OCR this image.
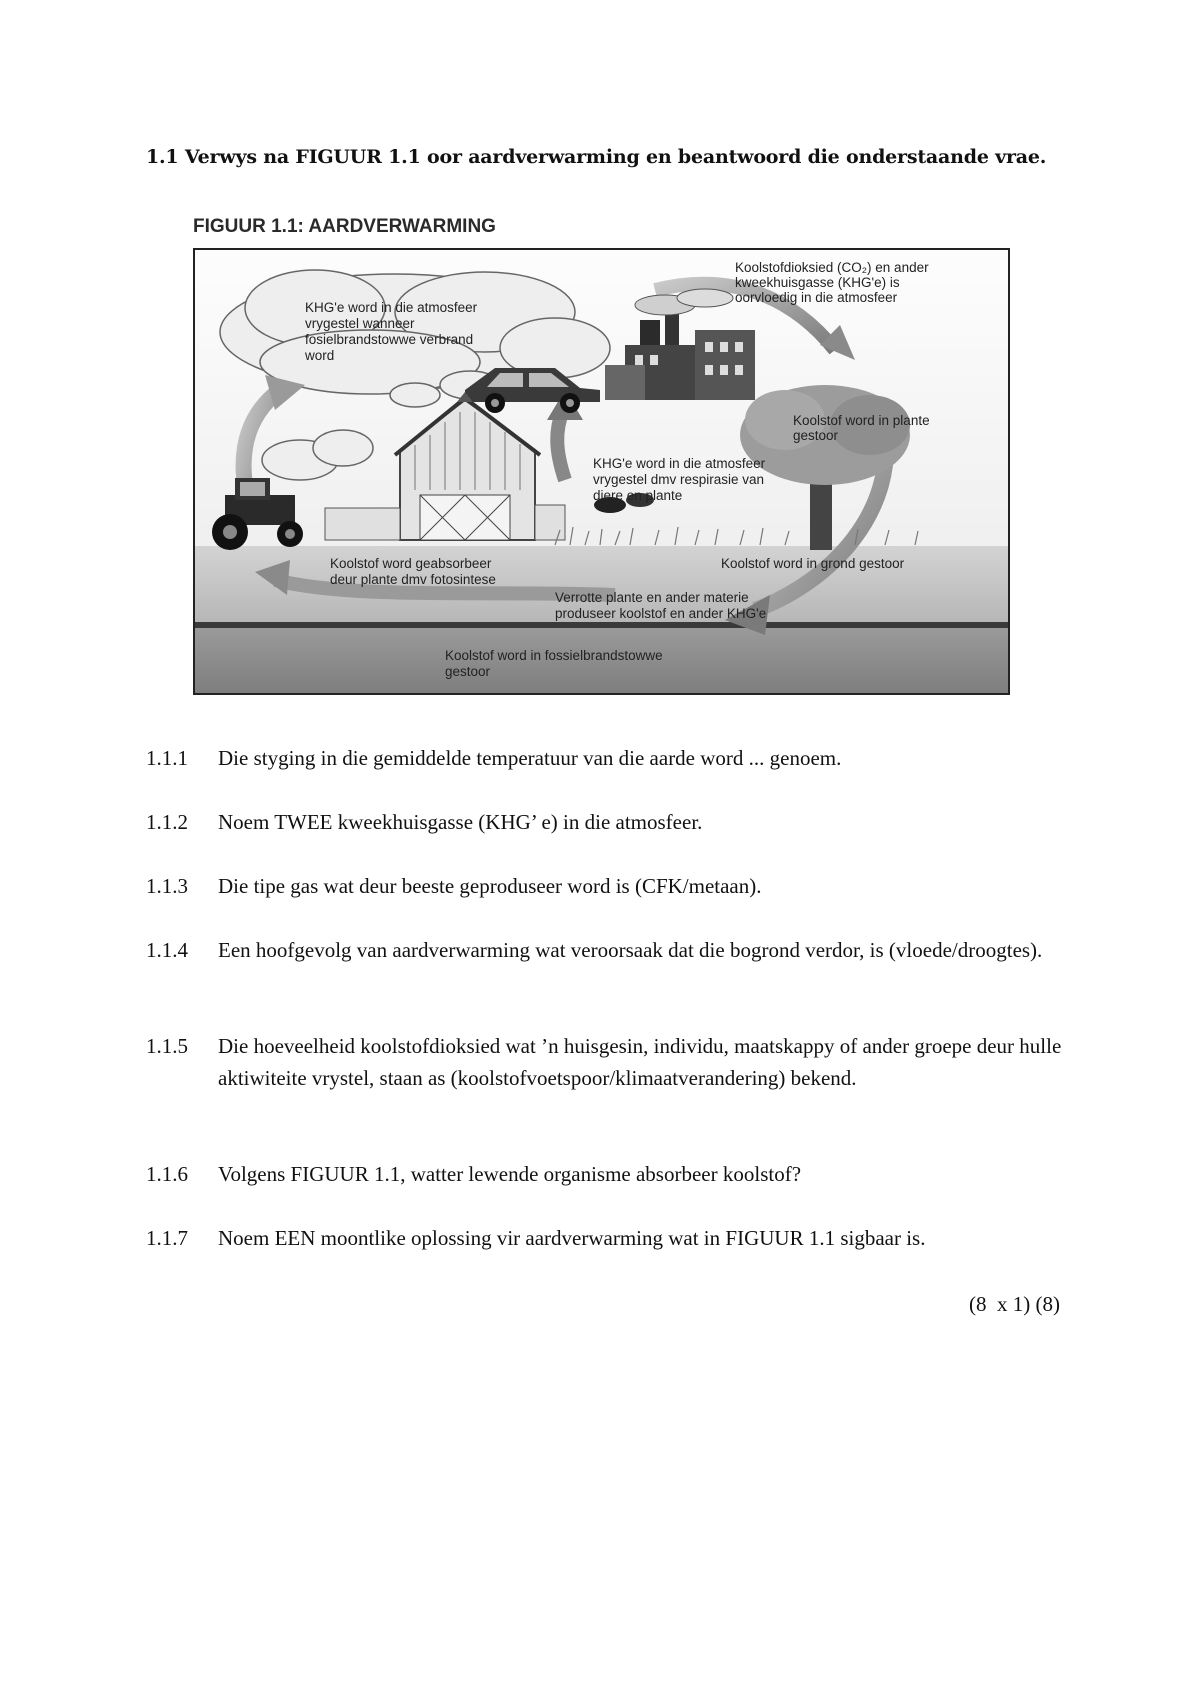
1.1 Verwys na FIGUUR 1.1 oor aardverwarming en beantwoord die onderstaande vrae.

FIGUUR 1.1: AARDVERWARMING

KHG'e word in die atmosfeer
vrygestel wanneer
fosielbrandstowwe verbrand
word
Koolstofdioksied (CO₂) en ander
kweekhuisgasse (KHG'e) is
oorvloedig in die atmosfeer
Koolstof word in plante
gestoor
KHG'e word in die atmosfeer
vrygestel dmv respirasie van
diere en plante
Koolstof word geabsorbeer
deur plante dmv fotosintese
Koolstof word in grond gestoor
Verrotte plante en ander materie
produseer koolstof en ander KHG'e
Koolstof word in fossielbrandstowwe
gestoor
1.1.1	Die styging in die gemiddelde temperatuur van die aarde word ... genoem.
1.1.2	Noem TWEE kweekhuisgasse (KHG’ e) in die atmosfeer.
1.1.3	Die tipe gas wat deur beeste geproduseer word is (CFK/metaan).
1.1.4	Een hoofgevolg van aardverwarming wat veroorsaak dat die bogrond verdor, is (vloede/droogtes).
1.1.5	Die hoeveelheid koolstofdioksied wat ’n huisgesin, individu, maatskappy of ander groepe deur hulle aktiwiteite vrystel, staan as (koolstofvoetspoor/klimaatverandering) bekend.
1.1.6	Volgens FIGUUR 1.1, watter lewende organisme absorbeer koolstof?
1.1.7	Noem EEN moontlike oplossing vir aardverwarming wat in FIGUUR 1.1 sigbaar is.

(8  x 1) (8)
